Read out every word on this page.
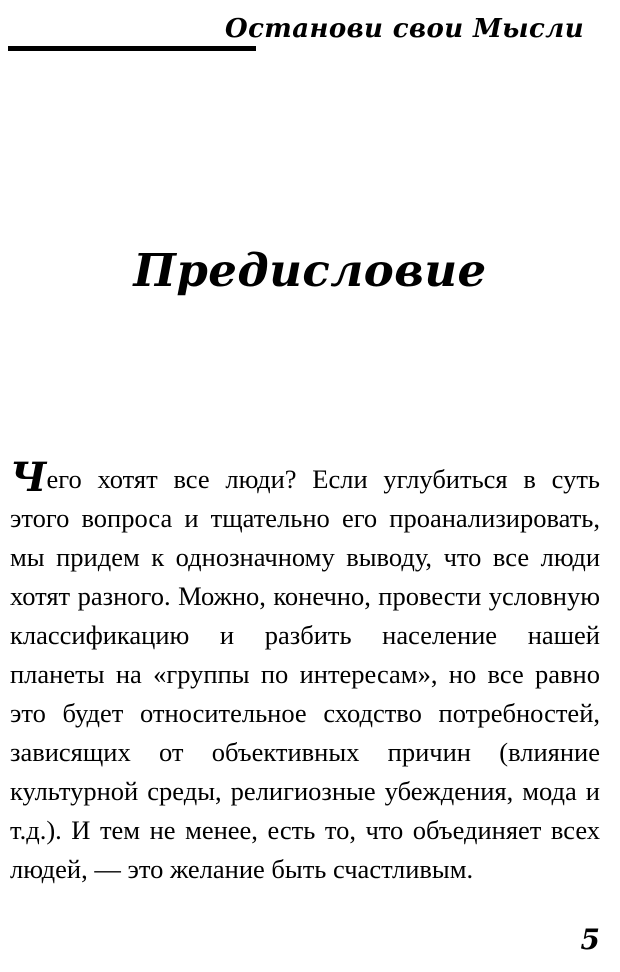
Останови свои Мысли
Предисловие

Чего хотят все люди? Если углубиться в суть этого вопроса и тщательно его проанализировать, мы придем к однозначному выводу, что все люди хотят разного. Можно, конечно, провести условную классификацию и разбить население нашей планеты на «группы по интересам», но все равно это будет относительное сходство потребностей, зависящих от объективных причин (влияние культурной среды, религиозные убеждения, мода и т.д.). И тем не менее, есть то, что объединяет всех людей, — это желание быть счастливым.

5
